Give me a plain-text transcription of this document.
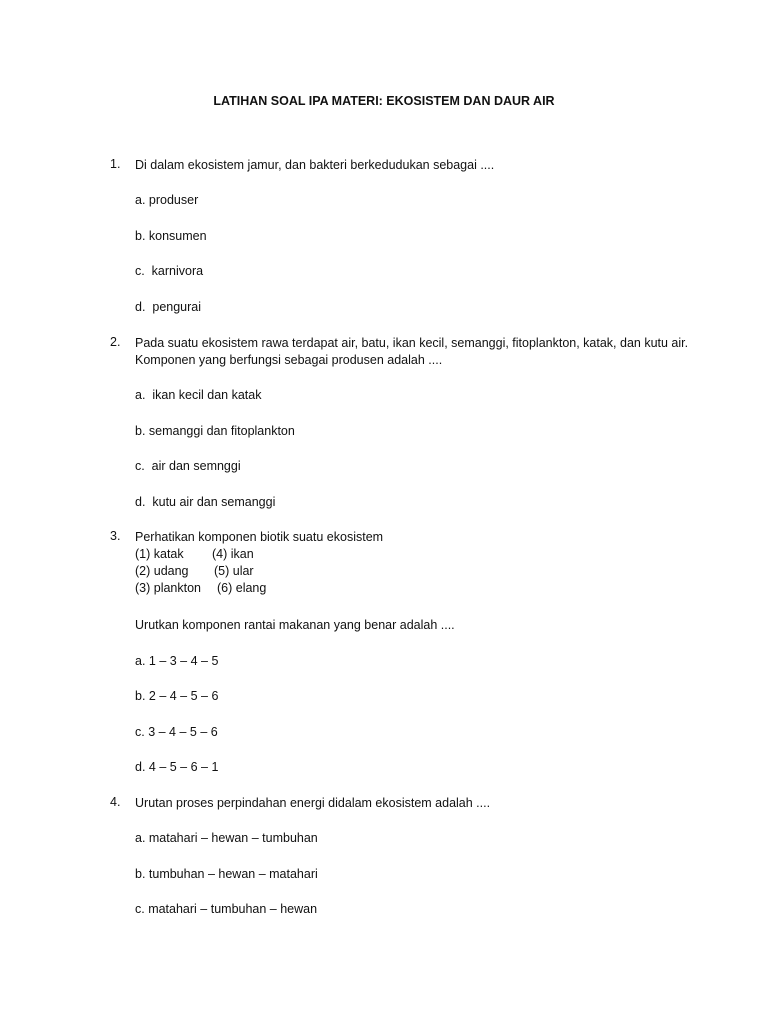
LATIHAN SOAL IPA MATERI: EKOSISTEM DAN DAUR AIR
1.	Di dalam ekosistem jamur, dan bakteri berkedudukan sebagai ....
a. produser
b. konsumen
c.  karnivora
d.  pengurai
2.	Pada suatu ekosistem rawa terdapat air, batu, ikan kecil, semanggi, fitoplankton, katak, dan kutu air. Komponen yang berfungsi sebagai produsen adalah ....
a.  ikan kecil dan katak
b. semanggi dan fitoplankton
c.  air dan semnggi
d.  kutu air dan semanggi
3.	Perhatikan komponen biotik suatu ekosistem
(1) katak (4) ikan
(2) udang (5) ular
(3) plankton (6) elang
Urutkan komponen rantai makanan yang benar adalah ....
a. 1 – 3 – 4 – 5
b. 2 – 4 – 5 – 6
c. 3 – 4 – 5 – 6
d. 4 – 5 – 6 – 1
4.	Urutan proses perpindahan energi didalam ekosistem adalah ....
a. matahari – hewan – tumbuhan
b. tumbuhan – hewan – matahari
c. matahari – tumbuhan – hewan
